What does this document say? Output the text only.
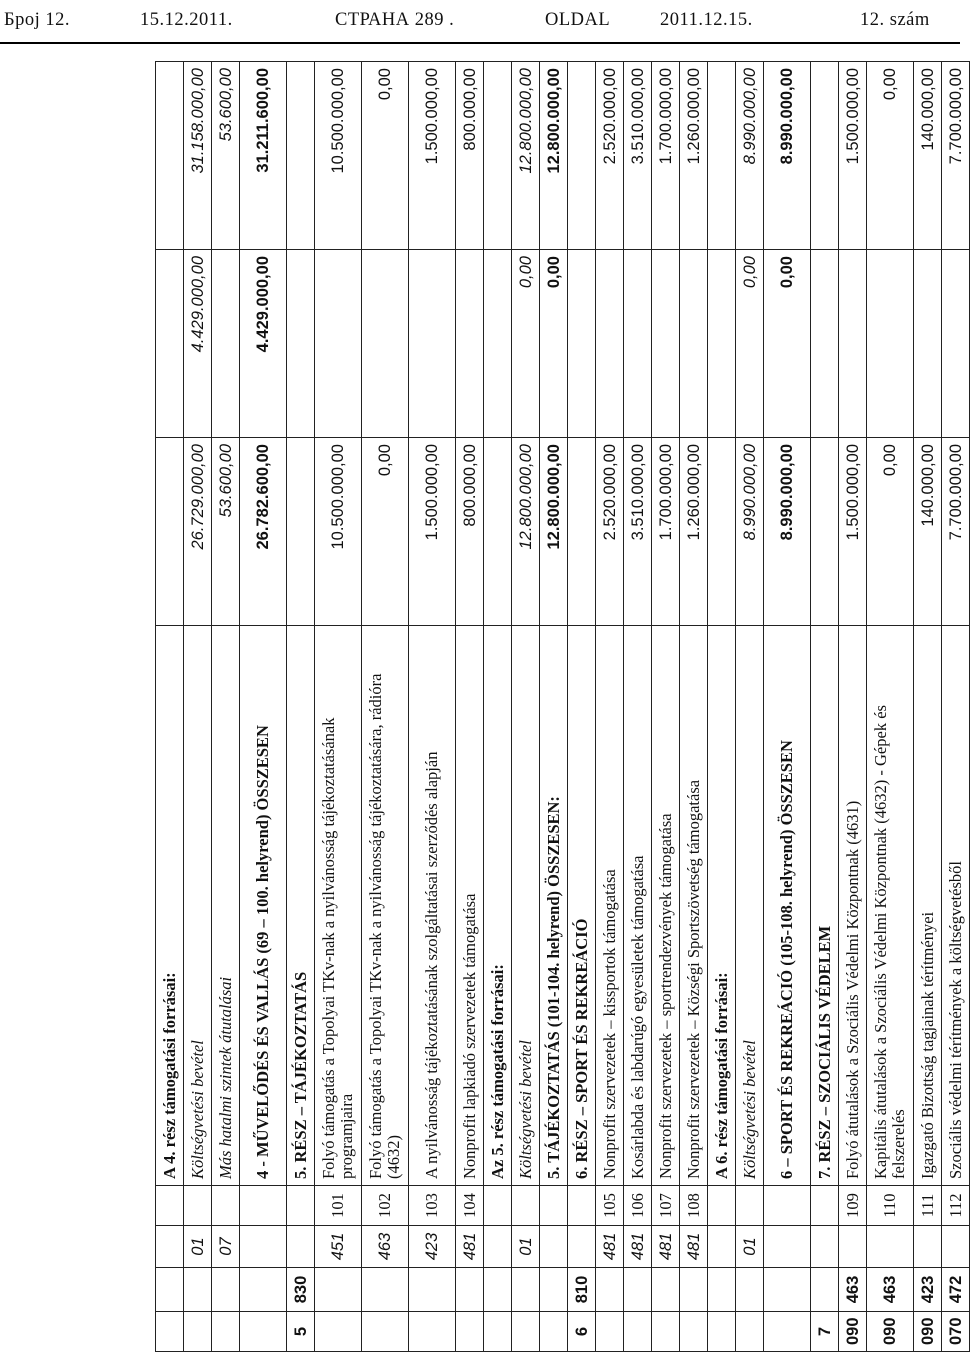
Број 12.	15.12.2011.	СТРАНА 289 .	OLDAL	2011.12.15.	12. szám
				A 4. rész támogatási forrásai:			
		01		Költségvetési bevétel	26.729.000,00	4.429.000,00	31.158.000,00
		07		Más hatalmi szintek átutalásai	53.600,00		53.600,00
				4 - MŰVELŐDÉS ÉS VALLÁS (69 – 100. helyrend) ÖSSZESEN	26.782.600,00	4.429.000,00	31.211.600,00
5	830			5. RÉSZ – TÁJÉKOZTATÁS			
		451	101	Folyó támogatás a Topolyai TKv-nak a nyilvánosság tájékoztatásának programjaira	10.500.000,00		10.500.000,00
		463	102	Folyó támogatás a Topolyai TKv-nak a nyilvánosság tájékoztatására, rádióra (4632)	0,00		0,00
		423	103	A nyilvánosság tájékoztatásának szolgáltatásai szerződés alapján	1.500.000,00		1.500.000,00
		481	104	Nonprofit lapkiadó szervezetek támogatása	800.000,00		800.000,00
				Az 5. rész támogatási forrásai:			
		01		Költségvetési bevétel	12.800.000,00	0,00	12.800.000,00
				5. TÁJÉKOZTATÁS (101-104. helyrend) ÖSSZESEN:	12.800.000,00	0,00	12.800.000,00
6	810			6. RÉSZ – SPORT ÉS REKREÁCIÓ			
		481	105	Nonprofit szervezetek – kissportok támogatása	2.520.000,00		2.520.000,00
		481	106	Kosárlabda és labdarúgó egyesületek támogatása	3.510.000,00		3.510.000,00
		481	107	Nonprofit szervezetek – sportrendezvények támogatása	1.700.000,00		1.700.000,00
		481	108	Nonprofit szervezetek – Községi Sportszövetség támogatása	1.260.000,00		1.260.000,00
				A 6. rész támogatási forrásai:			
		01		Költségvetési bevétel	8.990.000,00	0,00	8.990.000,00
				6 – SPORT ÉS REKREÁCIÓ (105-108. helyrend) ÖSSZESEN	8.990.000,00	0,00	8.990.000,00
7				7. RÉSZ – SZOCIÁLIS VÉDELEM			
090	463		109	Folyó átutalások a Szociális Védelmi Központnak (4631)	1.500.000,00		1.500.000,00
090	463		110	Kapitális átutalások a Szociális Védelmi Központnak (4632) - Gépek és felszerelés	0,00		0,00
090	423		111	Igazgató Bizottság tagjainak térítményei	140.000,00		140.000,00
070	472		112	Szociális védelmi térítmények a költségvetésből	7.700.000,00		7.700.000,00
